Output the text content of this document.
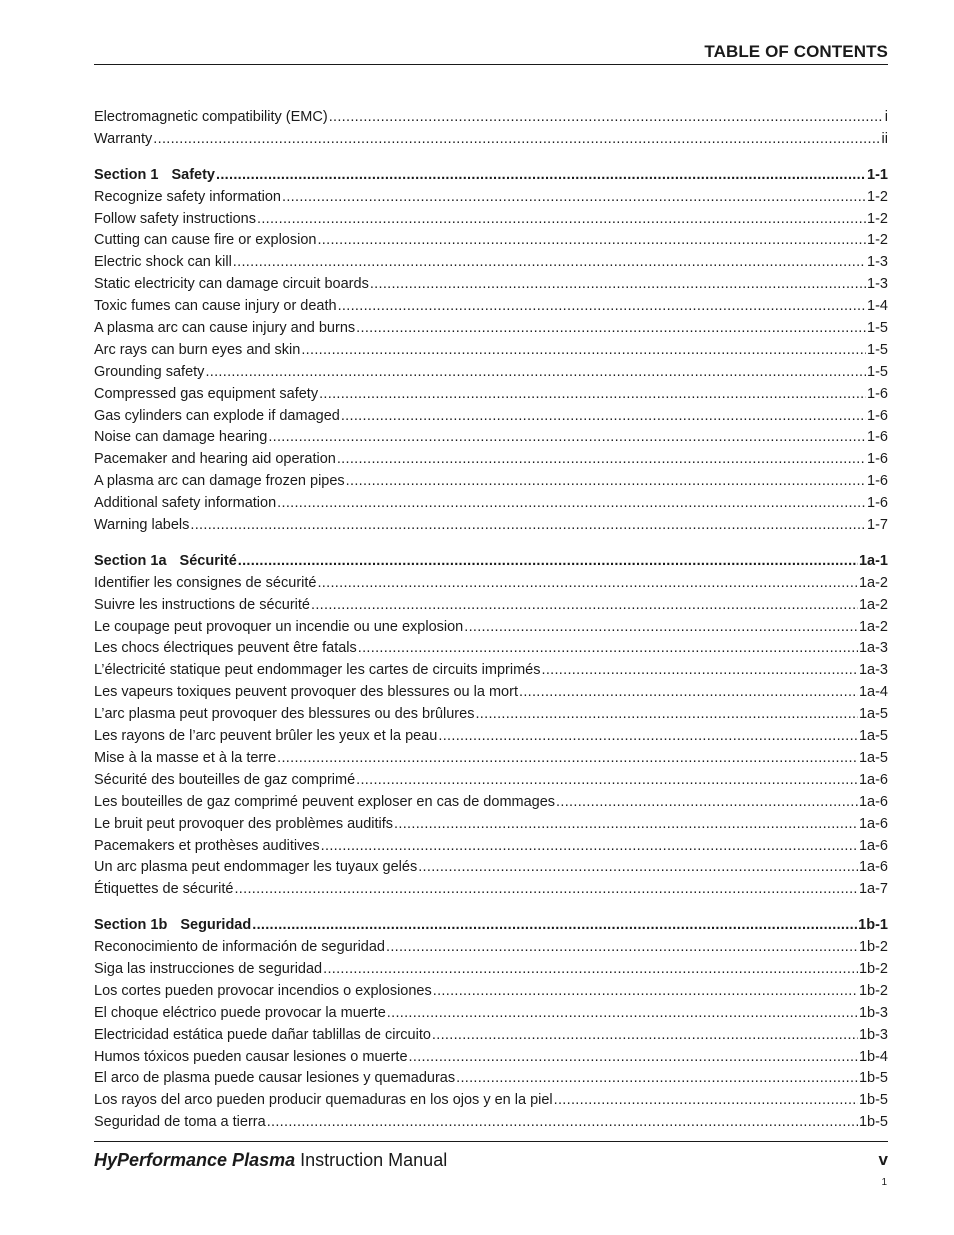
TABLE OF CONTENTS
Electromagnetic compatibility (EMC) .....	i
Warranty .....	ii
Section 1 Safety .....	1-1
Recognize safety information .....	1-2
Follow safety instructions .....	1-2
Cutting can cause fire or explosion .....	1-2
Electric shock can kill .....	1-3
Static electricity can damage circuit boards .....	1-3
Toxic fumes can cause injury or death .....	1-4
A plasma arc can cause injury and burns .....	1-5
Arc rays can burn eyes and skin .....	1-5
Grounding safety .....	1-5
Compressed gas equipment safety .....	1-6
Gas cylinders can explode if damaged .....	1-6
Noise can damage hearing .....	1-6
Pacemaker and hearing aid operation .....	1-6
A plasma arc can damage frozen pipes .....	1-6
Additional safety information .....	1-6
Warning labels .....	1-7
Section 1a Sécurité .....	1a-1
Identifier les consignes de sécurité .....	1a-2
Suivre les instructions de sécurité .....	1a-2
Le coupage peut provoquer un incendie ou une explosion .....	1a-2
Les chocs électriques peuvent être fatals .....	1a-3
L’électricité statique peut endommager les cartes de circuits imprimés .....	1a-3
Les vapeurs toxiques peuvent provoquer des blessures ou la mort .....	1a-4
L’arc plasma peut provoquer des blessures ou des brûlures .....	1a-5
Les rayons de l’arc peuvent brûler les yeux et la peau .....	1a-5
Mise à la masse et à la terre .....	1a-5
Sécurité des bouteilles de gaz comprimé .....	1a-6
Les bouteilles de gaz comprimé peuvent exploser en cas de dommages .....	1a-6
Le bruit peut provoquer des problèmes auditifs .....	1a-6
Pacemakers et prothèses auditives .....	1a-6
Un arc plasma peut endommager les tuyaux gelés .....	1a-6
Étiquettes de sécurité .....	1a-7
Section 1b Seguridad .....	1b-1
Reconocimiento de información de seguridad .....	1b-2
Siga las instrucciones de seguridad .....	1b-2
Los cortes pueden provocar incendios o explosiones .....	1b-2
El choque eléctrico puede provocar la muerte .....	1b-3
Electricidad estática puede dañar tablillas de circuito .....	1b-3
Humos tóxicos pueden causar lesiones o muerte .....	1b-4
El arco de plasma puede causar lesiones y quemaduras .....	1b-5
Los rayos del arco pueden producir quemaduras en los ojos y en la piel .....	1b-5
Seguridad de toma a tierra .....	1b-5
HyPerformance Plasma Instruction Manual	v
1
